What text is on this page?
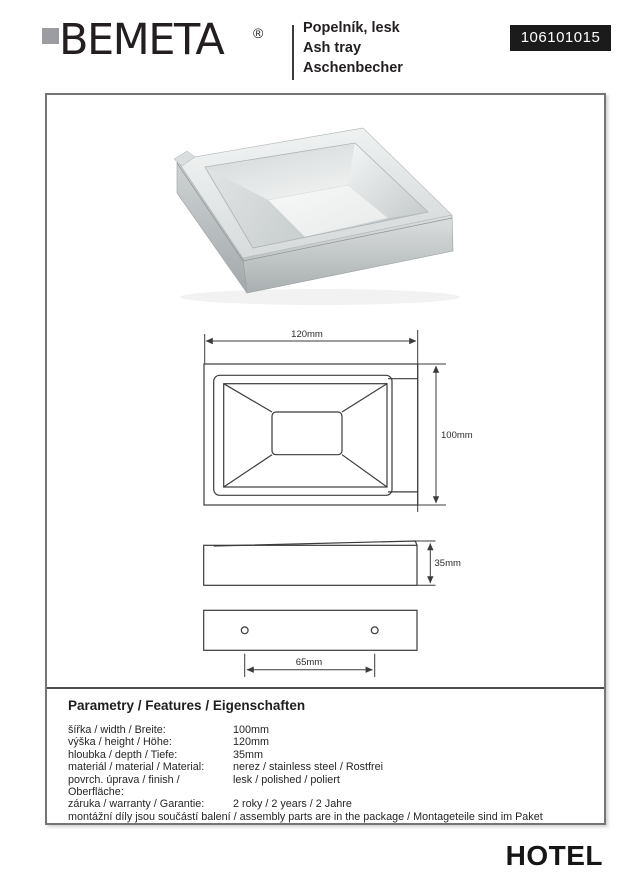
BEMETA ®	Popelník, lesk
Ash tray
Aschenbecher
106101015
120mm
100mm
35mm
65mm
Parametry / Features / Eigenschaften
šířka / width / Breite:	100mm
výška / height / Höhe:	120mm
hloubka / depth / Tiefe:	35mm
materiál / material / Material:	nerez / stainless steel / Rostfrei
povrch. úprava / finish / Oberfläche:
lesk / polished / poliert
záruka / warranty / Garantie:	2 roky / 2 years / 2 Jahre
montážní díly jsou součástí balení / assembly parts are in the package / Montageteile sind im Paket
HOTEL
